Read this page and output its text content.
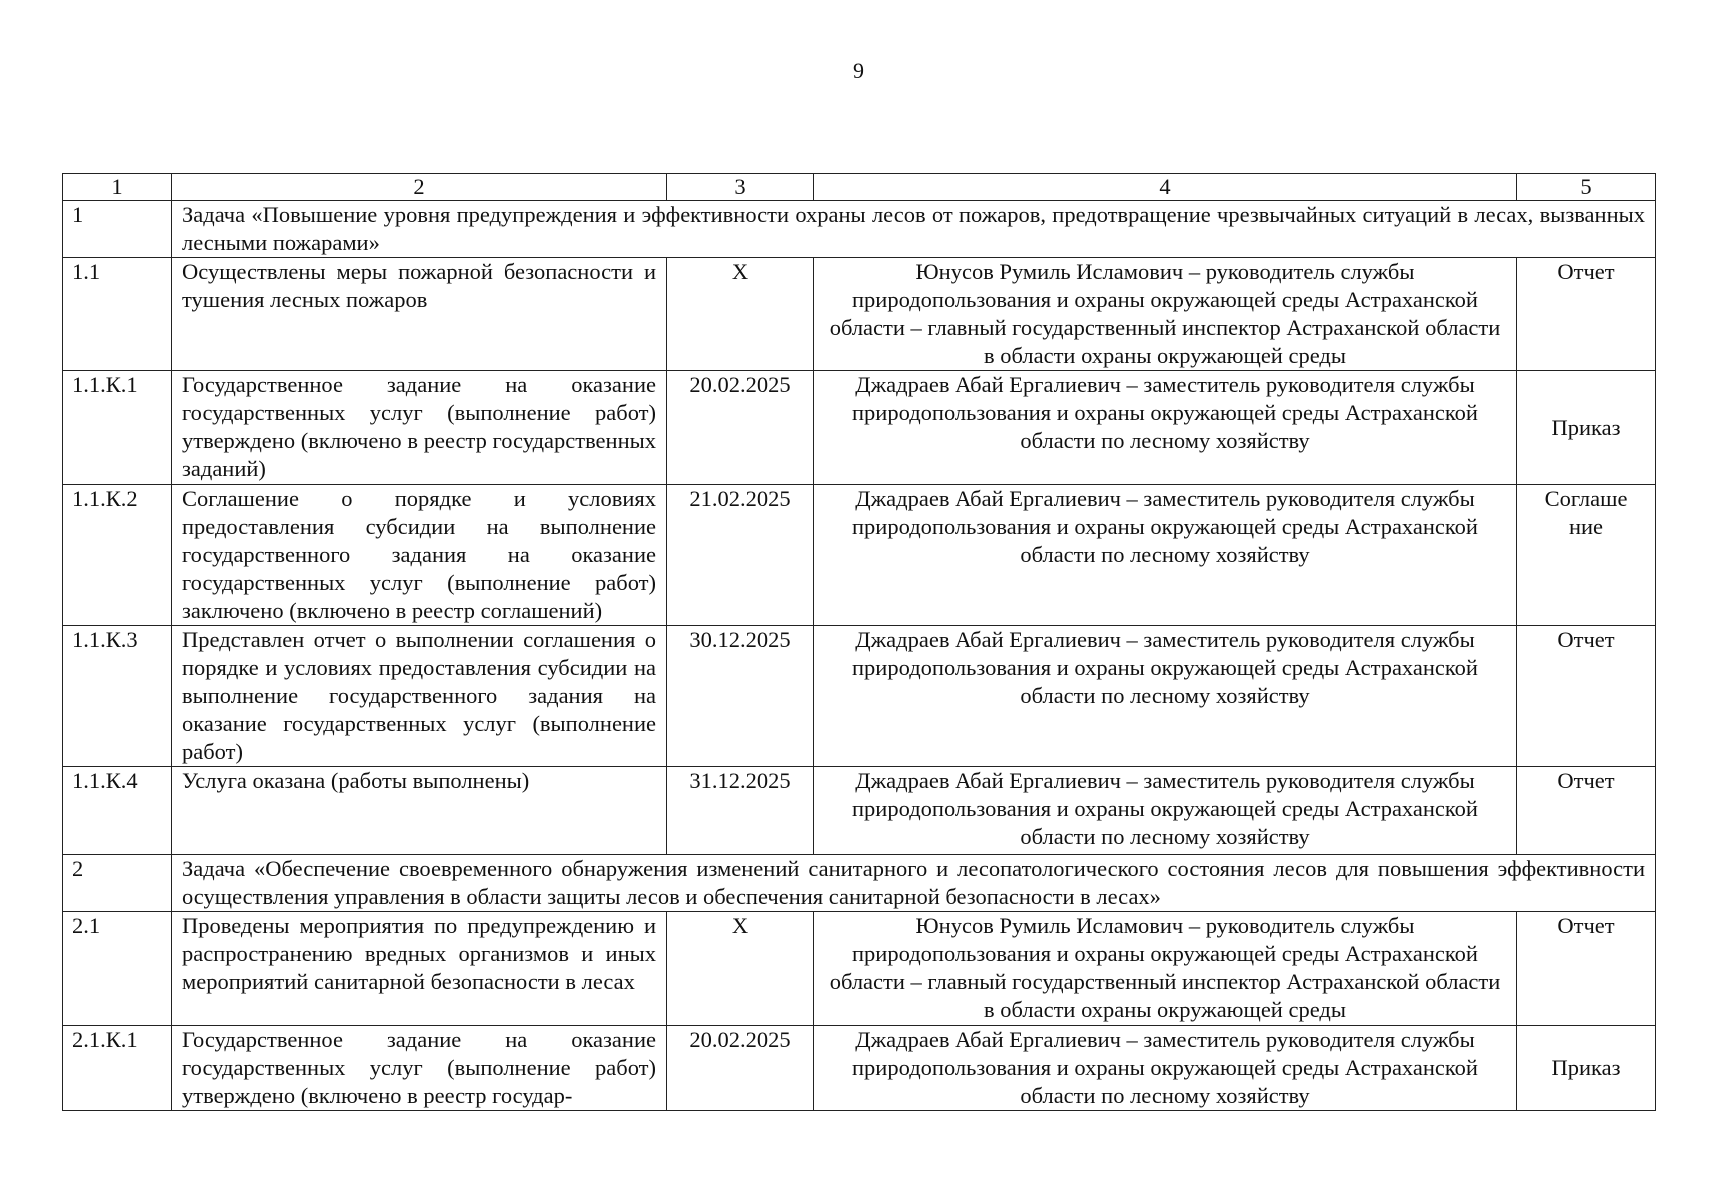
9
1	2	3	4	5
1	Задача «Повышение уровня предупреждения и эффективности охраны лесов от пожаров, предотвращение чрезвычайных ситуаций в лесах, вызванных лесными пожарами»			
1.1	Осуществлены меры пожарной безопасности и тушения лесных пожаров	X	Юнусов Румиль Исламович – руководитель службы природопользования и охраны окружающей среды Астраханской области – главный государственный инспектор Астраханской области в области охраны окружающей среды	Отчет
1.1.К.1	Государственное задание на оказание государственных услуг (выполнение работ) утверждено (включено в реестр государственных заданий)	20.02.2025	Джадраев Абай Ергалиевич – заместитель руководителя службы природопользования и охраны окружающей среды Астраханской области по лесному хозяйству	Приказ
1.1.К.2	Соглашение о порядке и условиях предоставления субсидии на выполнение государственного задания на оказание государственных услуг (выполнение работ) заключено (включено в реестр соглашений)	21.02.2025	Джадраев Абай Ергалиевич – заместитель руководителя службы природопользования и охраны окружающей среды Астраханской области по лесному хозяйству	Соглашение
1.1.К.3	Представлен отчет о выполнении соглашения о порядке и условиях предоставления субсидии на выполнение государственного задания на оказание государственных услуг (выполнение работ)	30.12.2025	Джадраев Абай Ергалиевич – заместитель руководителя службы природопользования и охраны окружающей среды Астраханской области по лесному хозяйству	Отчет
1.1.К.4	Услуга оказана (работы выполнены)	31.12.2025	Джадраев Абай Ергалиевич – заместитель руководителя службы природопользования и охраны окружающей среды Астраханской области по лесному хозяйству	Отчет
2	Задача «Обеспечение своевременного обнаружения изменений санитарного и лесопатологического состояния лесов для повышения эффективности осуществления управления в области защиты лесов и обеспечения санитарной безопасности в лесах»			
2.1	Проведены мероприятия по предупреждению и распространению вредных организмов и иных мероприятий санитарной безопасности в лесах	X	Юнусов Румиль Исламович – руководитель службы природопользования и охраны окружающей среды Астраханской области – главный государственный инспектор Астраханской области в области охраны окружающей среды	Отчет
2.1.К.1	Государственное задание на оказание государственных услуг (выполнение работ) утверждено (включено в реестр государ-	20.02.2025	Джадраев Абай Ергалиевич – заместитель руководителя службы природопользования и охраны окружающей среды Астраханской области по лесному хозяйству	Приказ
